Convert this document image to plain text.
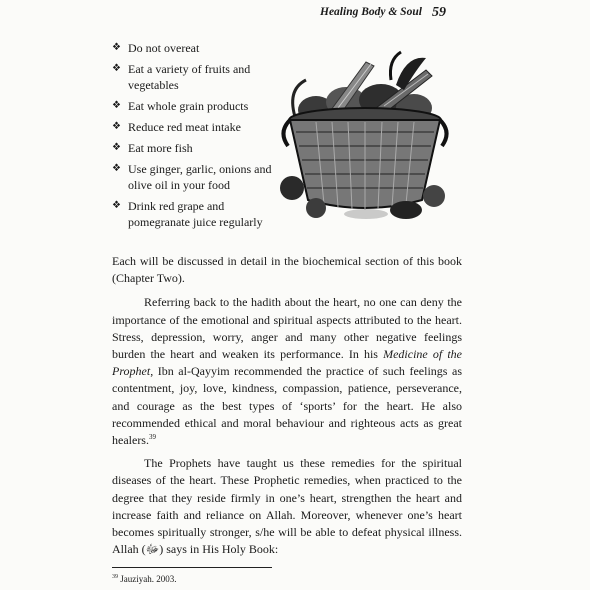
Healing Body & Soul 59
❖ Do not overeat
❖ Eat a variety of fruits and vegetables
❖ Eat whole grain products
❖ Reduce red meat intake
❖ Eat more fish
❖ Use ginger, garlic, onions and olive oil in your food
❖ Drink red grape and pomegranate juice regularly

Each will be discussed in detail in the biochemical section of this book (Chapter Two).

Referring back to the hadith about the heart, no one can deny the importance of the emotional and spiritual aspects attributed to the heart. Stress, depression, worry, anger and many other negative feelings burden the heart and weaken its performance. In his Medicine of the Prophet, Ibn al-Qayyim recommended the practice of such feelings as contentment, joy, love, kindness, compassion, patience, perseverance, and courage as the best types of ‘sports’ for the heart. He also recommended ethical and moral behaviour and righteous acts as great healers.$^{39}$

The Prophets have taught us these remedies for the spiritual diseases of the heart. These Prophetic remedies, when practiced to the degree that they reside firmly in one’s heart, strengthen the heart and increase faith and reliance on Allah. Moreover, whenever one’s heart becomes spiritually stronger, s/he will be able to defeat physical illness. Allah (ﷻ) says in His Holy Book:

$^{39}$ Jauziyah. 2003.
